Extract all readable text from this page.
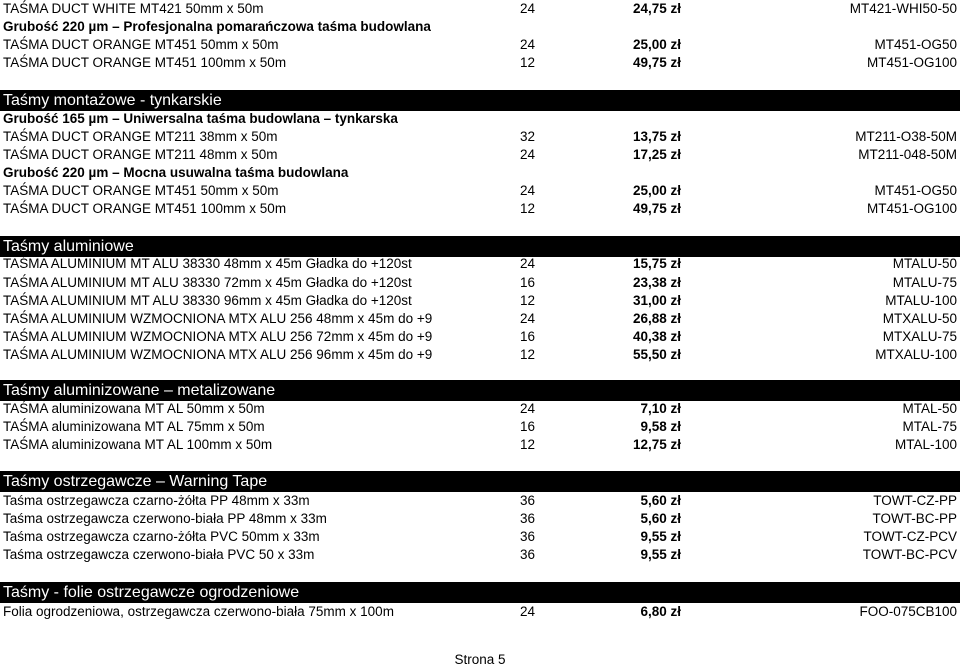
TAŚMA DUCT WHITE MT421 50mm x 50m	24	24,75 zł	MT421-WHI50-50
Grubość 220 µm – Profesjonalna pomarańczowa taśma budowlana
TAŚMA DUCT ORANGE MT451 50mm x 50m	24	25,00 zł	MT451-OG50
TAŚMA DUCT ORANGE MT451 100mm x 50m	12	49,75 zł	MT451-OG100
Taśmy montażowe - tynkarskie
Grubość 165 µm – Uniwersalna taśma budowlana – tynkarska
TAŚMA DUCT ORANGE MT211 38mm x 50m	32	13,75 zł	MT211-O38-50M
TAŚMA DUCT ORANGE MT211 48mm x 50m	24	17,25 zł	MT211-048-50M
Grubość 220 µm – Mocna usuwalna taśma budowlana
TAŚMA DUCT ORANGE MT451 50mm x 50m	24	25,00 zł	MT451-OG50
TAŚMA DUCT ORANGE MT451 100mm x 50m	12	49,75 zł	MT451-OG100
Taśmy aluminiowe
TAŚMA ALUMINIUM MT ALU 38330 48mm x 45m Gładka do +120st	24	15,75 zł	MTALU-50
TAŚMA ALUMINIUM MT ALU 38330 72mm x 45m Gładka do +120st	16	23,38 zł	MTALU-75
TAŚMA ALUMINIUM MT ALU 38330 96mm x 45m Gładka do +120st	12	31,00 zł	MTALU-100
TAŚMA ALUMINIUM WZMOCNIONA MTX ALU 256 48mm x 45m do +9	24	26,88 zł	MTXALU-50
TAŚMA ALUMINIUM WZMOCNIONA MTX ALU 256 72mm x 45m do +9	16	40,38 zł	MTXALU-75
TAŚMA ALUMINIUM WZMOCNIONA MTX ALU 256 96mm x 45m do +9	12	55,50 zł	MTXALU-100
Taśmy aluminizowane – metalizowane
TAŚMA aluminizowana MT AL 50mm x 50m	24	7,10 zł	MTAL-50
TAŚMA aluminizowana MT AL 75mm x 50m	16	9,58 zł	MTAL-75
TAŚMA aluminizowana MT AL 100mm x 50m	12	12,75 zł	MTAL-100
Taśmy ostrzegawcze – Warning Tape
Taśma ostrzegawcza czarno-żółta PP 48mm x 33m	36	5,60 zł	TOWT-CZ-PP
Taśma ostrzegawcza czerwono-biała PP 48mm x 33m	36	5,60 zł	TOWT-BC-PP
Taśma ostrzegawcza czarno-żółta PVC 50mm x 33m	36	9,55 zł	TOWT-CZ-PCV
Taśma ostrzegawcza czerwono-biała PVC 50 x 33m	36	9,55 zł	TOWT-BC-PCV
Taśmy - folie ostrzegawcze ogrodzeniowe
Folia ogrodzeniowa, ostrzegawcza czerwono-biała 75mm x 100m	24	6,80 zł	FOO-075CB100
Strona 5
